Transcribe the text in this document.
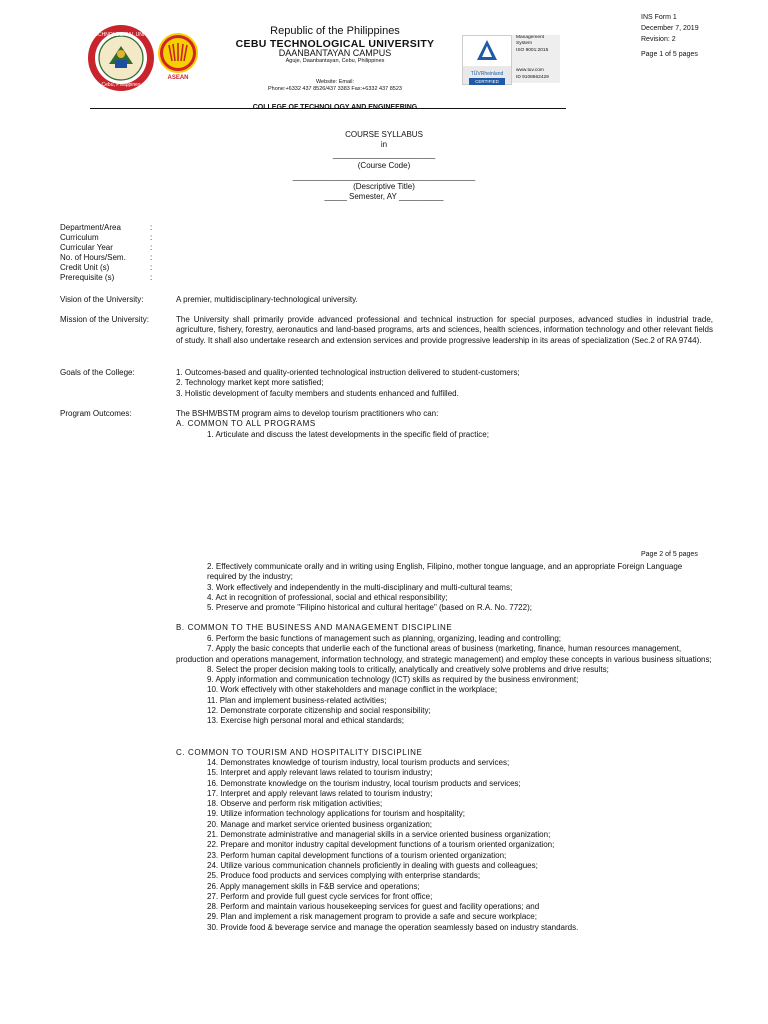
CEBU TECHNOLOGICAL UNIVERSITY
Cebu, Philippines
ASEAN
Republic of the Philippines
CEBU TECHNOLOGICAL UNIVERSITY
DAANBANTAYAN CAMPUS
Aguje, Daanbantayan, Cebu, Philippines
Website: Email:
Phone:+6332 437 8526/437 3383 Fax:+6332 437 8523
TÜVRheinland
CERTIFIED
Management
System
ISO 9001:2015
www.tuv.com
ID 9108662429
INS Form 1
December 7, 2019
Revision: 2
Page 1 of 5 pages
COLLEGE OF TECHNOLOGY AND ENGINEERING
COURSE SYLLABUS
in
_______________________
(Course Code)
_________________________________________
(Descriptive Title)
_____ Semester, AY __________
Department/Area	:
Curriculum	:
Curricular Year	:
No. of Hours/Sem.	:
Credit Unit (s)	:
Prerequisite (s)	:
Vision of the University:	A premier, multidisciplinary-technological university.
Mission of the University:	The University shall primarily provide advanced professional and technical instruction for special purposes, advanced studies in industrial trade, agriculture, fishery, forestry, aeronautics and land-based programs, arts and sciences, health sciences, information technology and other relevant fields of study. It shall also undertake research and extension services and provide progressive leadership in its areas of specialization (Sec.2 of RA 9744).
Goals of the College:	1. Outcomes-based and quality-oriented technological instruction delivered to student-customers;
2. Technology market kept more satisfied;
3. Holistic development of faculty members and students enhanced and fulfilled.
Program Outcomes:	The BSHM/BSTM program aims to develop tourism practitioners who can:
A. COMMON TO ALL PROGRAMS
1. Articulate and discuss the latest developments in the specific field of practice;
Page 2 of 5 pages
2. Effectively communicate orally and in writing using English, Filipino, mother tongue language, and an appropriate Foreign Language required by the industry;
3. Work effectively and independently in the multi-disciplinary and multi-cultural teams;
4. Act in recognition of professional, social and ethical responsibility;
5. Preserve and promote "Filipino historical and cultural heritage" (based on R.A. No. 7722);
B. COMMON TO THE BUSINESS AND MANAGEMENT DISCIPLINE
6. Perform the basic functions of management such as planning, organizing, leading and controlling;
7. Apply the basic concepts that underlie each of the functional areas of business (marketing, finance, human resources management, production and operations management, information technology, and strategic management) and employ these concepts in various business situations;
8. Select the proper decision making tools to critically, analytically and creatively solve problems and drive results;
9. Apply information and communication technology (ICT) skills as required by the business environment;
10. Work effectively with other stakeholders and manage conflict in the workplace;
11. Plan and implement business-related activities;
12. Demonstrate corporate citizenship and social responsibility;
13. Exercise high personal moral and ethical standards;
C. COMMON TO TOURISM AND HOSPITALITY DISCIPLINE
14. Demonstrates knowledge of tourism industry, local tourism products and services;
15. Interpret and apply relevant laws related to tourism industry;
16. Demonstrate knowledge on the tourism industry, local tourism products and services;
17. Interpret and apply relevant laws related to tourism industry;
18. Observe and perform risk mitigation activities;
19. Utilize information technology applications for tourism and hospitality;
20. Manage and market service oriented business organization;
21. Demonstrate administrative and managerial skills in a service oriented business organization;
22. Prepare and monitor industry capital development functions of a tourism oriented organization;
23. Perform human capital development functions of a tourism oriented organization;
24. Utilize various communication channels proficiently in dealing with guests and colleagues;
25. Produce food products and services complying with enterprise standards;
26. Apply management skills in F&B service and operations;
27. Perform and provide full guest cycle services for front office;
28. Perform and maintain various housekeeping services for guest and facility operations; and
29. Plan and implement a risk management program to provide a safe and secure workplace;
30. Provide food & beverage service and manage the operation seamlessly based on industry standards.
